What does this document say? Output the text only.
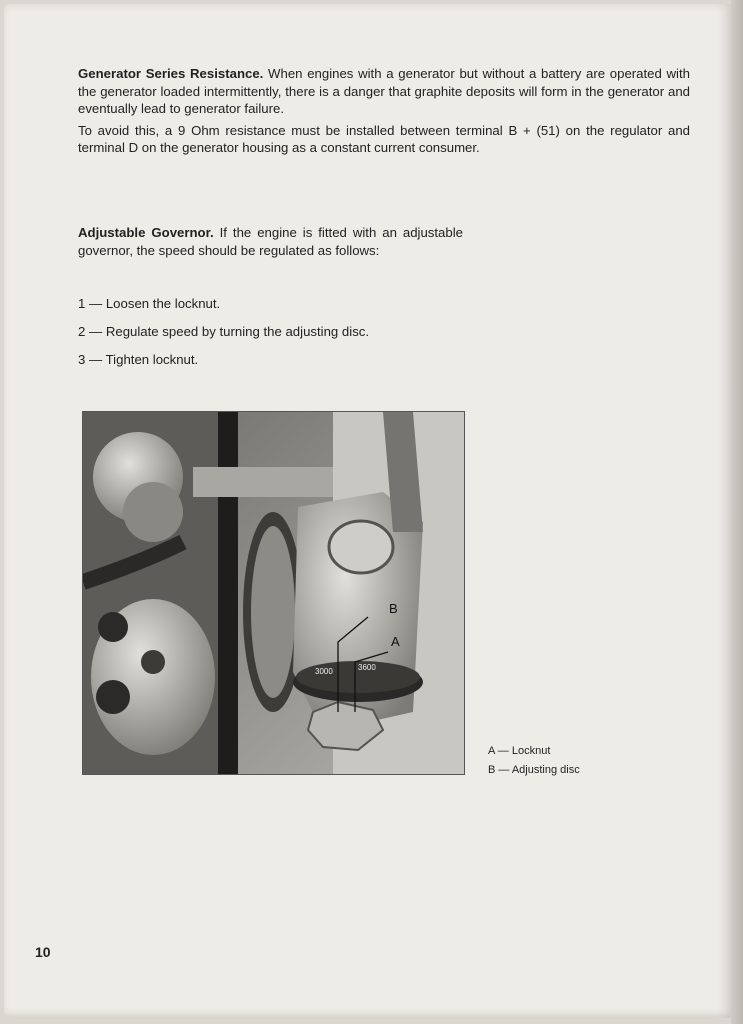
Generator Series Resistance. When engines with a generator but without a battery are operated with the generator loaded intermittently, there is a danger that graphite deposits will form in the generator and eventually lead to generator failure.

To avoid this, a 9 Ohm resistance must be installed between terminal B + (51) on the regulator and terminal D on the generator housing as a constant current consumer.

Adjustable Governor. If the engine is fitted with an adjustable governor, the speed should be regulated as follows:

1 — Loosen the locknut.
2 — Regulate speed by turning the adjusting disc.
3 — Tighten locknut.
B
A
3000	3600
A — Locknut
B — Adjusting disc
10
